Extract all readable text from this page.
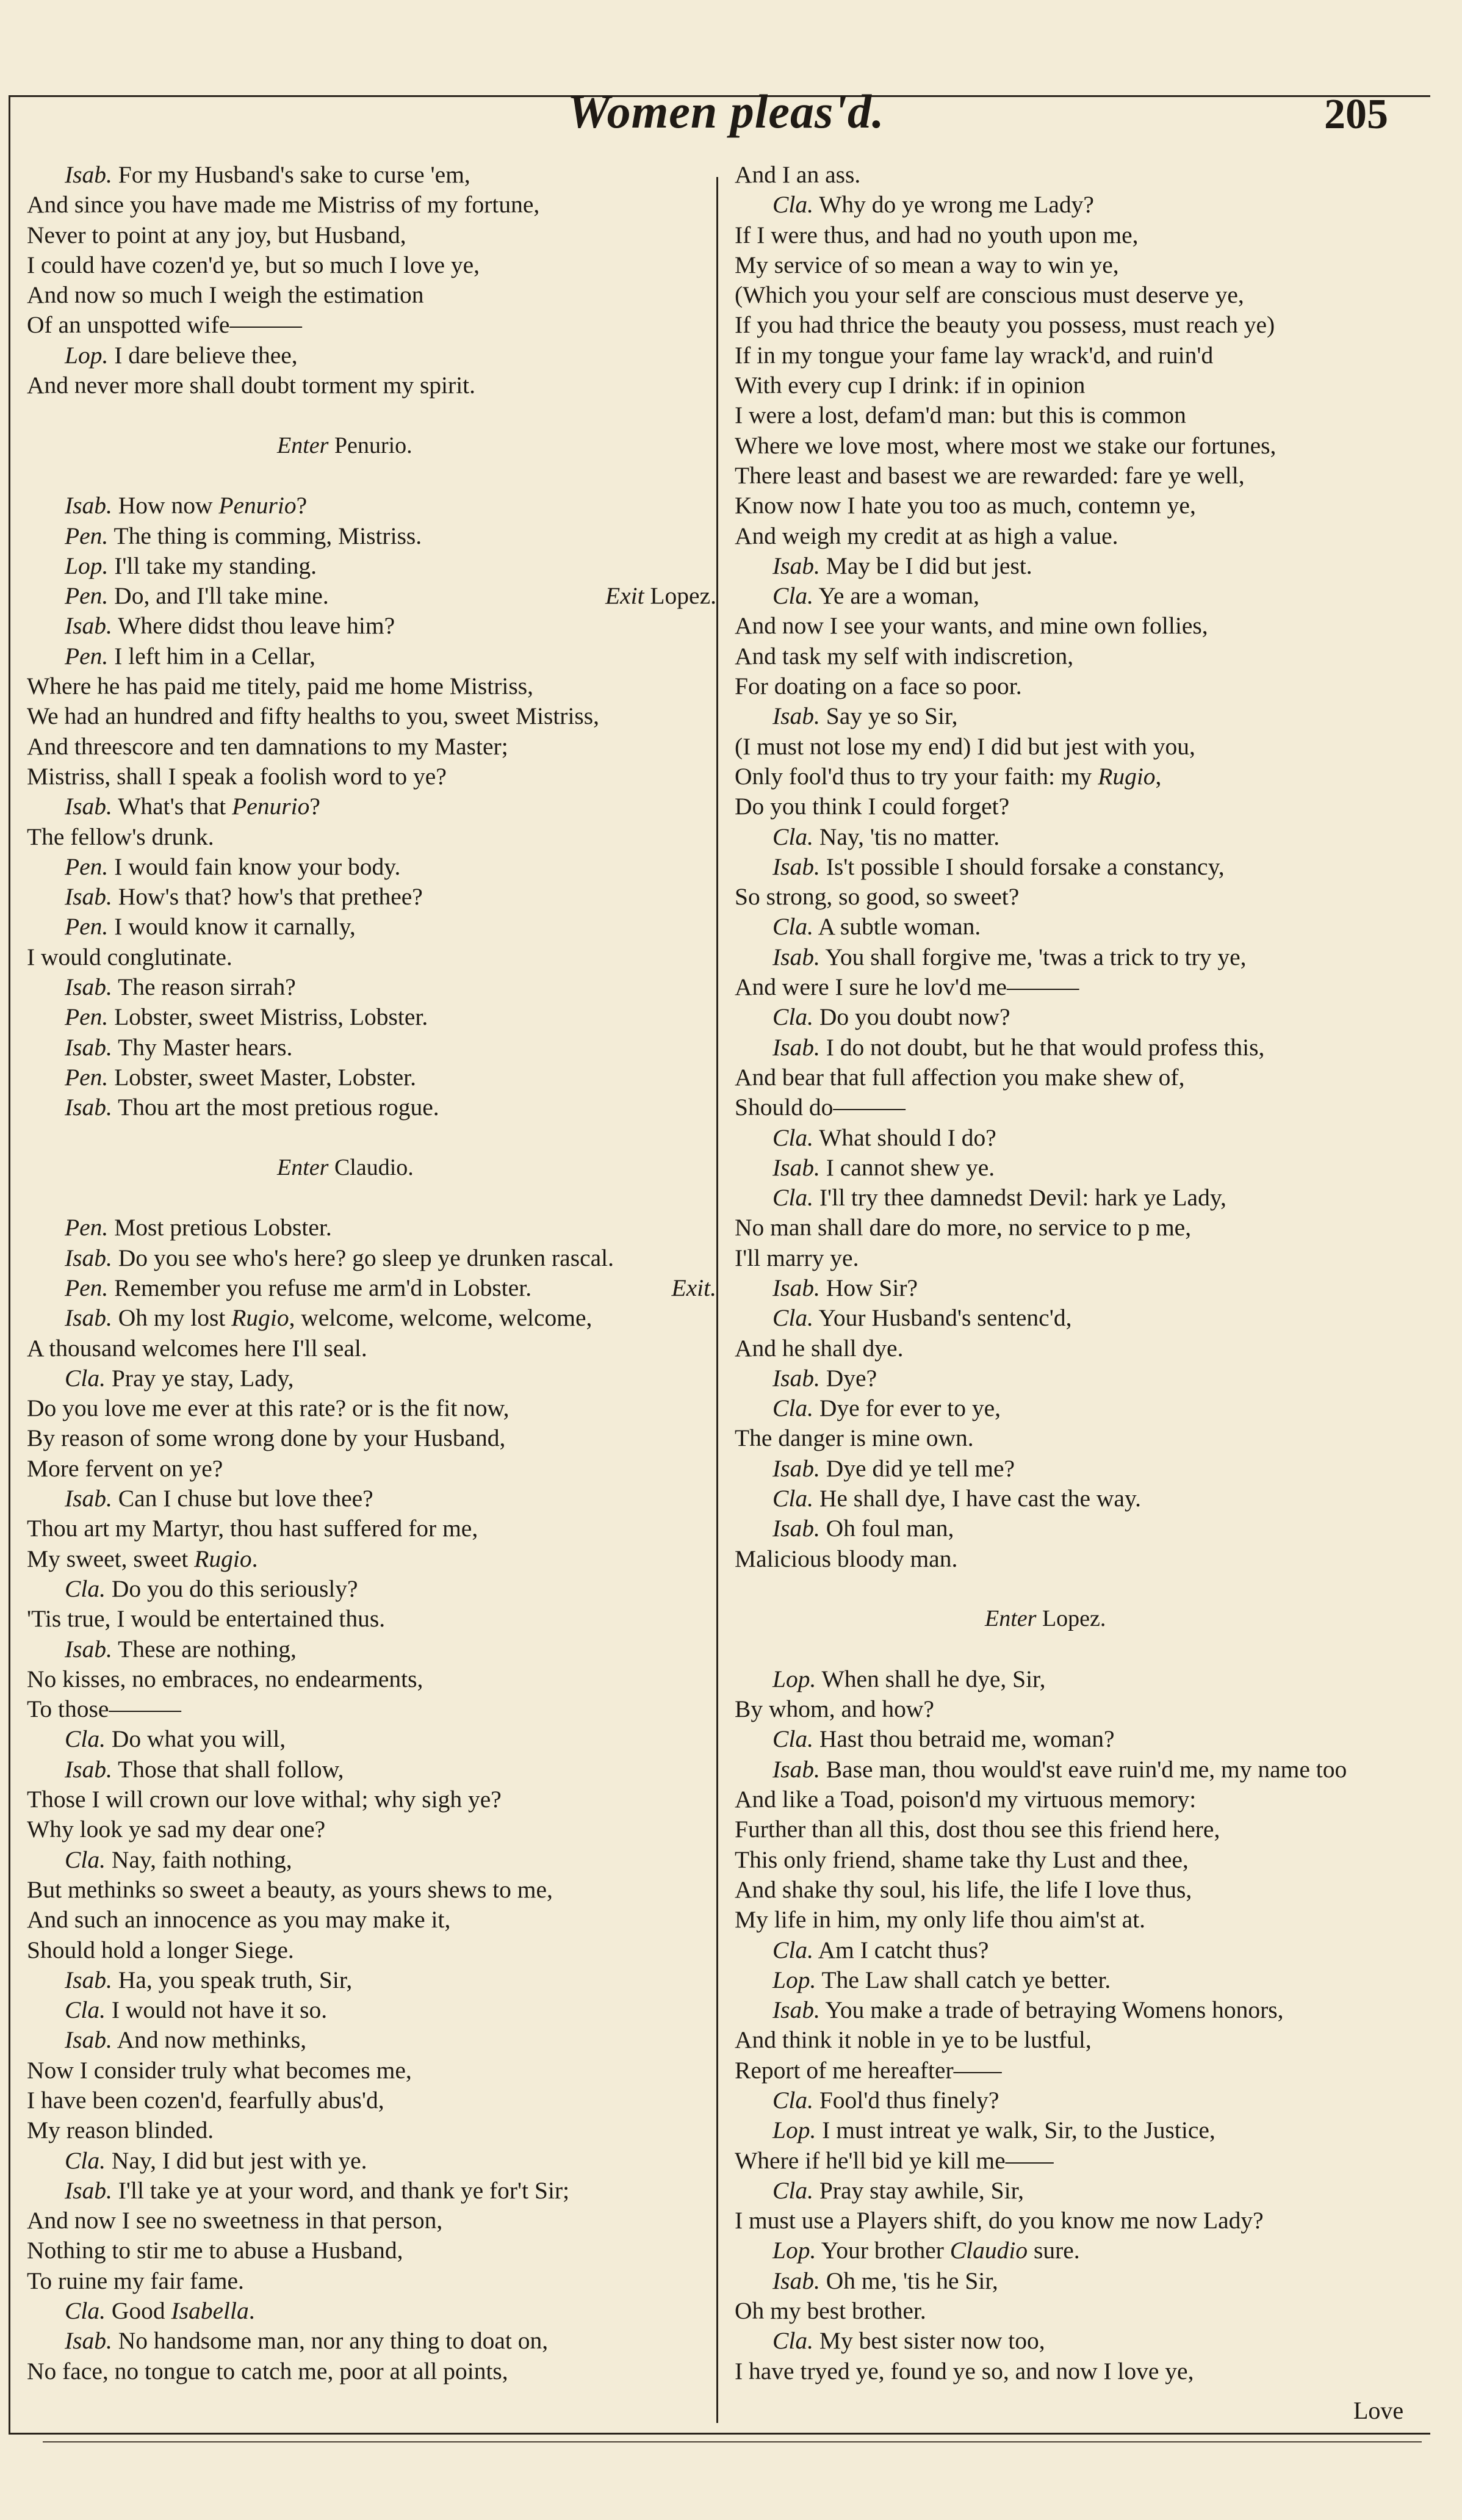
Women pleas'd.	205
Isab. For my Husband's sake to curse 'em,
And since you have made me Mistriss of my fortune,
Never to point at any joy, but Husband,
I could have cozen'd ye, but so much I love ye,
And now so much I weigh the estimation
Of an unspotted wife———
Lop. I dare believe thee,
And never more shall doubt torment my spirit.
Enter Penurio.
Isab. How now Penurio?
Pen. The thing is comming, Mistriss.
Lop. I'll take my standing.
Pen. Do, and I'll take mine.	Exit Lopez.
Isab. Where didst thou leave him?
Pen. I left him in a Cellar,
Where he has paid me titely, paid me home Mistriss,
We had an hundred and fifty healths to you, sweet Mistriss,
And threescore and ten damnations to my Master;
Mistriss, shall I speak a foolish word to ye?
Isab. What's that Penurio?
The fellow's drunk.
Pen. I would fain know your body.
Isab. How's that? how's that prethee?
Pen. I would know it carnally,
I would conglutinate.
Isab. The reason sirrah?
Pen. Lobster, sweet Mistriss, Lobster.
Isab. Thy Master hears.
Pen. Lobster, sweet Master, Lobster.
Isab. Thou art the most pretious rogue.
Enter Claudio.
Pen. Most pretious Lobster.
Isab. Do you see who's here? go sleep ye drunken rascal.
Pen. Remember you refuse me arm'd in Lobster.	Exit.
Isab. Oh my lost Rugio, welcome, welcome, welcome,
A thousand welcomes here I'll seal.
Cla. Pray ye stay, Lady,
Do you love me ever at this rate? or is the fit now,
By reason of some wrong done by your Husband,
More fervent on ye?
Isab. Can I chuse but love thee?
Thou art my Martyr, thou hast suffered for me,
My sweet, sweet Rugio.
Cla. Do you do this seriously?
'Tis true, I would be entertained thus.
Isab. These are nothing,
No kisses, no embraces, no endearments,
To those———
Cla. Do what you will,
Isab. Those that shall follow,
Those I will crown our love withal; why sigh ye?
Why look ye sad my dear one?
Cla. Nay, faith nothing,
But methinks so sweet a beauty, as yours shews to me,
And such an innocence as you may make it,
Should hold a longer Siege.
Isab. Ha, you speak truth, Sir,
Cla. I would not have it so.
Isab. And now methinks,
Now I consider truly what becomes me,
I have been cozen'd, fearfully abus'd,
My reason blinded.
Cla. Nay, I did but jest with ye.
Isab. I'll take ye at your word, and thank ye for't Sir;
And now I see no sweetness in that person,
Nothing to stir me to abuse a Husband,
To ruine my fair fame.
Cla. Good Isabella.
Isab. No handsome man, nor any thing to doat on,
No face, no tongue to catch me, poor at all points,
And I an ass.
Cla. Why do ye wrong me Lady?
If I were thus, and had no youth upon me,
My service of so mean a way to win ye,
(Which you your self are conscious must deserve ye,
If you had thrice the beauty you possess, must reach ye)
If in my tongue your fame lay wrack'd, and ruin'd
With every cup I drink: if in opinion
I were a lost, defam'd man: but this is common
Where we love most, where most we stake our fortunes,
There least and basest we are rewarded: fare ye well,
Know now I hate you too as much, contemn ye,
And weigh my credit at as high a value.
Isab. May be I did but jest.
Cla. Ye are a woman,
And now I see your wants, and mine own follies,
And task my self with indiscretion,
For doating on a face so poor.
Isab. Say ye so Sir,
(I must not lose my end) I did but jest with you,
Only fool'd thus to try your faith: my Rugio,
Do you think I could forget?
Cla. Nay, 'tis no matter.
Isab. Is't possible I should forsake a constancy,
So strong, so good, so sweet?
Cla. A subtle woman.
Isab. You shall forgive me, 'twas a trick to try ye,
And were I sure he lov'd me———
Cla. Do you doubt now?
Isab. I do not doubt, but he that would profess this,
And bear that full affection you make shew of,
Should do———
Cla. What should I do?
Isab. I cannot shew ye.
Cla. I'll try thee damnedst Devil: hark ye Lady,
No man shall dare do more, no service to p me,
I'll marry ye.
Isab. How Sir?
Cla. Your Husband's sentenc'd,
And he shall dye.
Isab. Dye?
Cla. Dye for ever to ye,
The danger is mine own.
Isab. Dye did ye tell me?
Cla. He shall dye, I have cast the way.
Isab. Oh foul man,
Malicious bloody man.
Enter Lopez.
Lop. When shall he dye, Sir,
By whom, and how?
Cla. Hast thou betraid me, woman?
Isab. Base man, thou would'st eave ruin'd me, my name too
And like a Toad, poison'd my virtuous memory:
Further than all this, dost thou see this friend here,
This only friend, shame take thy Lust and thee,
And shake thy soul, his life, the life I love thus,
My life in him, my only life thou aim'st at.
Cla. Am I catcht thus?
Lop. The Law shall catch ye better.
Isab. You make a trade of betraying Womens honors,
And think it noble in ye to be lustful,
Report of me hereafter——
Cla. Fool'd thus finely?
Lop. I must intreat ye walk, Sir, to the Justice,
Where if he'll bid ye kill me——
Cla. Pray stay awhile, Sir,
I must use a Players shift, do you know me now Lady?
Lop. Your brother Claudio sure.
Isab. Oh me, 'tis he Sir,
Oh my best brother.
Cla. My best sister now too,
I have tryed ye, found ye so, and now I love ye,
Love
